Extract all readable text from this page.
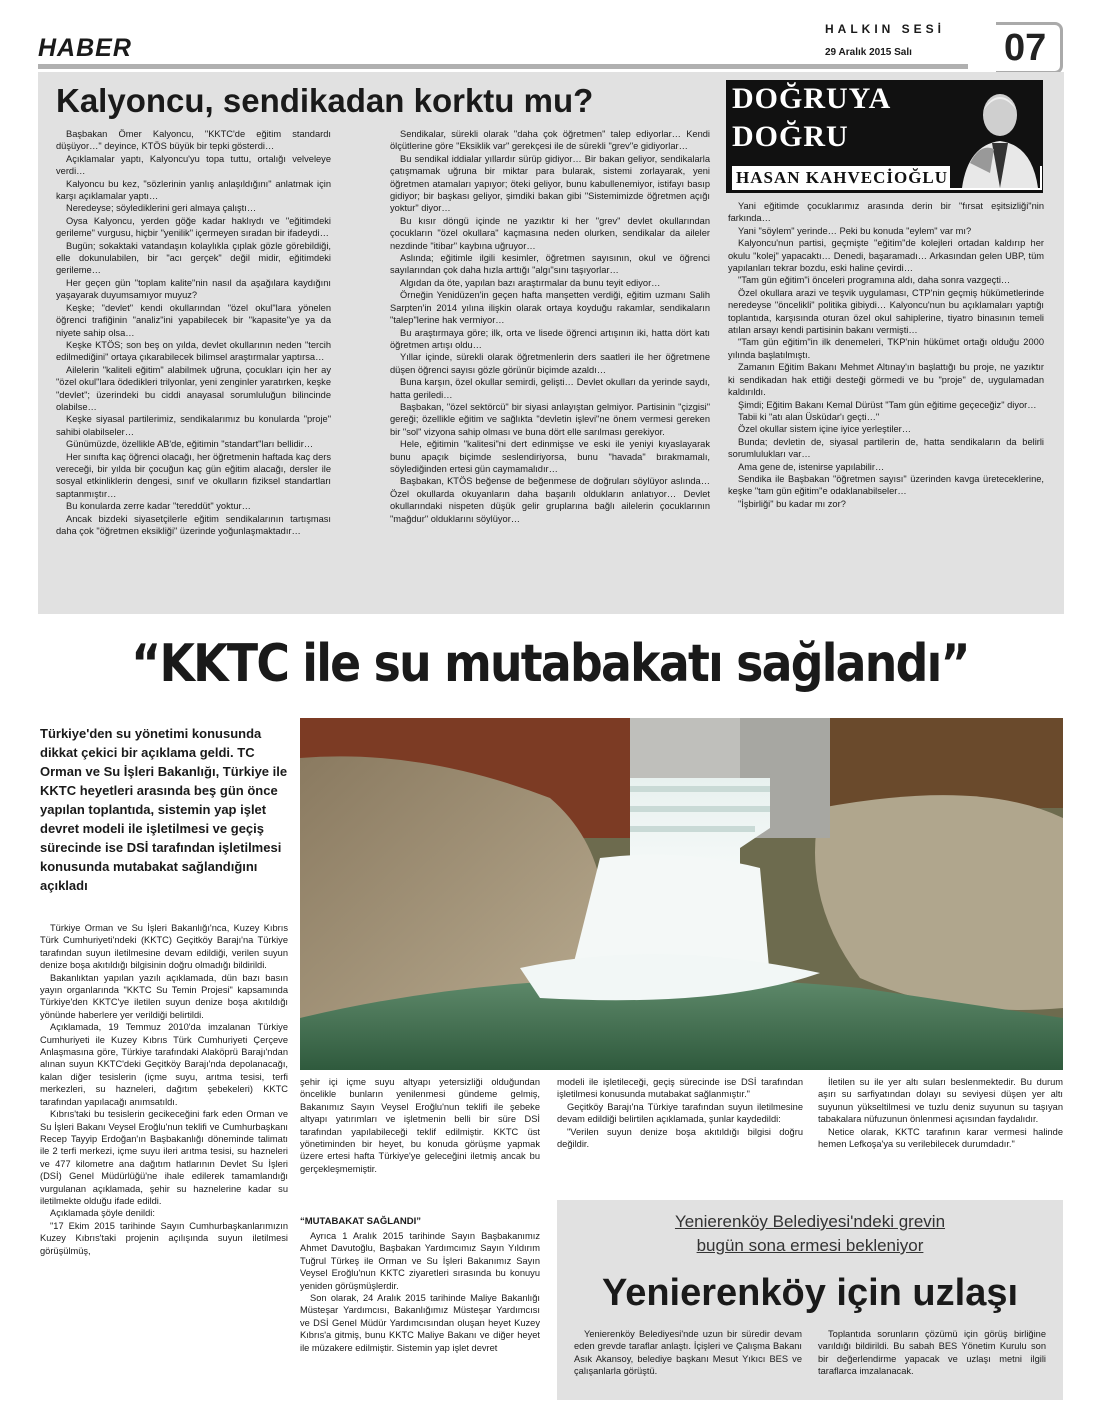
HABER
HALKIN SESİ
29 Aralık 2015 Salı 07
Kalyoncu, sendikadan korktu mu?	DOĞRUYA
DOĞRU
HASAN KAHVECİOĞLU

Başbakan Ömer Kalyoncu, "KKTC'de eğitim standardı düşüyor…" deyince, KTÖS büyük bir tepki gösterdi…

Açıklamalar yaptı, Kalyoncu'yu topa tuttu, ortalığı velveleye verdi…

Kalyoncu bu kez, "sözlerinin yanlış anlaşıldığını" anlatmak için karşı açıklamalar yaptı…

Neredeyse; söylediklerini geri almaya çalıştı…

Oysa Kalyoncu, yerden göğe kadar haklıydı ve "eğitimdeki gerileme" vurgusu, hiçbir "yenilik" içermeyen sıradan bir ifadeydi…

Bugün; sokaktaki vatandaşın kolaylıkla çıplak gözle görebildiği, elle dokunulabilen, bir "acı gerçek" değil midir, eğitimdeki gerileme…

Her geçen gün "toplam kalite"nin nasıl da aşağılara kaydığını yaşayarak duyumsamıyor muyuz?

Keşke; "devlet" kendi okullarından "özel okul"lara yönelen öğrenci trafiğinin "analiz"ini yapabilecek bir "kapasite"ye ya da niyete sahip olsa…

Keşke KTÖS; son beş on yılda, devlet okullarının neden "tercih edilmediğini" ortaya çıkarabilecek bilimsel araştırmalar yaptırsa…

Ailelerin "kaliteli eğitim" alabilmek uğruna, çocukları için her ay "özel okul"lara ödedikleri trilyonlar, yeni zenginler yaratırken, keşke "devlet"; üzerindeki bu ciddi anayasal sorumluluğun bilincinde olabilse…

Keşke siyasal partilerimiz, sendikalarımız bu konularda "proje" sahibi olabilseler…

Günümüzde, özellikle AB'de, eğitimin "standart"ları bellidir…

Her sınıfta kaç öğrenci olacağı, her öğretmenin haftada kaç ders vereceği, bir yılda bir çocuğun kaç gün eğitim alacağı, dersler ile sosyal etkinliklerin dengesi, sınıf ve okulların fiziksel standartları saptanmıştır…

Bu konularda zerre kadar "tereddüt" yoktur…

Ancak bizdeki siyasetçilerle eğitim sendikalarının tartışması daha çok "öğretmen eksikliği" üzerinde yoğunlaşmaktadır…

Sendikalar, sürekli olarak "daha çok öğretmen" talep ediyorlar… Kendi ölçütlerine göre "Eksiklik var" gerekçesi ile de sürekli "grev"e gidiyorlar…

Bu sendikal iddialar yıllardır sürüp gidiyor… Bir bakan geliyor, sendikalarla çatışmamak uğruna bir miktar para bularak, sistemi zorlayarak, yeni öğretmen atamaları yapıyor; öteki geliyor, bunu kabullenemiyor, istifayı basıp gidiyor; bir başkası geliyor, şimdiki bakan gibi "Sistemimizde öğretmen açığı yoktur" diyor…

Bu kısır döngü içinde ne yazıktır ki her "grev" devlet okullarından çocukların "özel okullara" kaçmasına neden olurken, sendikalar da aileler nezdinde "itibar" kaybına uğruyor…

Aslında; eğitimle ilgili kesimler, öğretmen sayısının, okul ve öğrenci sayılarından çok daha hızla arttığı "algı"sını taşıyorlar…

Algıdan da öte, yapılan bazı araştırmalar da bunu teyit ediyor…

Örneğin Yenidüzen'in geçen hafta manşetten verdiği, eğitim uzmanı Salih Sarpten'in 2014 yılına ilişkin olarak ortaya koyduğu rakamlar, sendikaların "talep"lerine hak vermiyor…

Bu araştırmaya göre; ilk, orta ve lisede öğrenci artışının iki, hatta dört katı öğretmen artışı oldu…

Yıllar içinde, sürekli olarak öğretmenlerin ders saatleri ile her öğretmene düşen öğrenci sayısı gözle görünür biçimde azaldı…

Buna karşın, özel okullar semirdi, gelişti… Devlet okulları da yerinde saydı, hatta geriledi…

Başbakan, "özel sektörcü" bir siyasi anlayıştan gelmiyor. Partisinin "çizgisi" gereği; özellikle eğitim ve sağlıkta "devletin işlevi"ne önem vermesi gereken bir "sol" vizyona sahip olması ve buna dört elle sarılması gerekiyor.

Hele, eğitimin "kalitesi"ni dert edinmişse ve eski ile yeniyi kıyaslayarak bunu apaçık biçimde seslendiriyorsa, bunu "havada" bırakmamalı, söylediğinden ertesi gün caymamalıdır…

Başbakan, KTÖS beğense de beğenmese de doğruları söylüyor aslında… Özel okullarda okuyanların daha başarılı oldukların anlatıyor… Devlet okullarındaki nispeten düşük gelir gruplarına bağlı ailelerin çocuklarının "mağdur" olduklarını söylüyor…

Yani eğitimde çocuklarımız arasında derin bir "fırsat eşitsizliği"nin farkında…

Yani "söylem" yerinde… Peki bu konuda "eylem" var mı?

Kalyoncu'nun partisi, geçmişte "eğitim"de kolejleri ortadan kaldırıp her okulu "kolej" yapacaktı… Denedi, başaramadı… Arkasından gelen UBP, tüm yapılanları tekrar bozdu, eski haline çevirdi…

"Tam gün eğitim"i önceleri programına aldı, daha sonra vazgeçti…

Özel okullara arazi ve teşvik uygulaması, CTP'nin geçmiş hükümetlerinde neredeyse "öncelikli" politika gibiydi… Kalyoncu'nun bu açıklamaları yaptığı toplantıda, karşısında oturan özel okul sahiplerine, tiyatro binasının temeli atılan arsayı kendi partisinin bakanı vermişti…

"Tam gün eğitim"in ilk denemeleri, TKP'nin hükümet ortağı olduğu 2000 yılında başlatılmıştı.

Zamanın Eğitim Bakanı Mehmet Altınay'ın başlattığı bu proje, ne yazıktır ki sendikadan hak ettiği desteği görmedi ve bu "proje" de, uygulamadan kaldırıldı.

Şimdi; Eğitim Bakanı Kemal Dürüst "Tam gün eğitime geçeceğiz" diyor…

Tabii ki "atı alan Üsküdar'ı geçti…"

Özel okullar sistem içine iyice yerleştiler…

Bunda; devletin de, siyasal partilerin de, hatta sendikaların da belirli sorumlulukları var…

Ama gene de, istenirse yapılabilir…

Sendika ile Başbakan "öğretmen sayısı" üzerinden kavga üreteceklerine, keşke "tam gün eğitim"e odaklanabilseler…

"İşbirliği" bu kadar mı zor?

“KKTC ile su mutabakatı sağlandı”
Türkiye'den su yönetimi konusunda dikkat çekici bir açıklama geldi. TC Orman ve Su İşleri Bakanlığı, Türkiye ile KKTC heyetleri arasında beş gün önce yapılan toplantıda, sistemin yap işlet devret modeli ile işletilmesi ve geçiş sürecinde ise DSİ tarafından işletilmesi konusunda mutabakat sağlandığını açıkladı

Türkiye Orman ve Su İşleri Bakanlığı'nca, Kuzey Kıbrıs Türk Cumhuriyeti'ndeki (KKTC) Geçitköy Barajı'na Türkiye tarafından suyun iletilmesine devam edildiği, verilen suyun denize boşa akıtıldığı bilgisinin doğru olmadığı bildirildi.

Bakanlıktan yapılan yazılı açıklamada, dün bazı basın yayın organlarında "KKTC Su Temin Projesi" kapsamında Türkiye'den KKTC'ye iletilen suyun denize boşa akıtıldığı yönünde haberlere yer verildiği belirtildi.

Açıklamada, 19 Temmuz 2010'da imzalanan Türkiye Cumhuriyeti ile Kuzey Kıbrıs Türk Cumhuriyeti Çerçeve Anlaşmasına göre, Türkiye tarafındaki Alaköprü Barajı'ndan alınan suyun KKTC'deki Geçitköy Barajı'nda depolanacağı, kalan diğer tesislerin (içme suyu, arıtma tesisi, terfi merkezleri, su hazneleri, dağıtım şebekeleri) KKTC tarafından yapılacağı anımsatıldı.

Kıbrıs'taki bu tesislerin gecikeceğini fark eden Orman ve Su İşleri Bakanı Veysel Eroğlu'nun teklifi ve Cumhurbaşkanı Recep Tayyip Erdoğan'ın Başbakanlığı döneminde talimatı ile 2 terfi merkezi, içme suyu ileri arıtma tesisi, su hazneleri ve 477 kilometre ana dağıtım hatlarının Devlet Su İşleri (DSİ) Genel Müdürlüğü'ne ihale edilerek tamamlandığı vurgulanan açıklamada, şehir su haznelerine kadar su iletilmekte olduğu ifade edildi.

Açıklamada şöyle denildi:

"17 Ekim 2015 tarihinde Sayın Cumhurbaşkanlarımızın Kuzey Kıbrıs'taki projenin açılışında suyun iletilmesi görüşülmüş,

şehir içi içme suyu altyapı yetersizliği olduğundan öncelikle bunların yenilenmesi gündeme gelmiş, Bakanımız Sayın Veysel Eroğlu'nun teklifi ile şebeke altyapı yatırımları ve işletmenin belli bir süre DSİ tarafından yapılabileceği teklif edilmiştir. KKTC üst yönetiminden bir heyet, bu konuda görüşme yapmak üzere ertesi hafta Türkiye'ye geleceğini iletmiş ancak bu gerçekleşmemiştir.

“MUTABAKAT SAĞLANDI”

Ayrıca 1 Aralık 2015 tarihinde Sayın Başbakanımız Ahmet Davutoğlu, Başbakan Yardımcımız Sayın Yıldırım Tuğrul Türkeş ile Orman ve Su İşleri Bakanımız Sayın Veysel Eroğlu'nun KKTC ziyaretleri sırasında bu konuyu yeniden görüşmüşlerdir.

Son olarak, 24 Aralık 2015 tarihinde Maliye Bakanlığı Müsteşar Yardımcısı, Bakanlığımız Müsteşar Yardımcısı ve DSİ Genel Müdür Yardımcısından oluşan heyet Kuzey Kıbrıs'a gitmiş, bunu KKTC Maliye Bakanı ve diğer heyet ile müzakere edilmiştir. Sistemin yap işlet devret

modeli ile işletileceği, geçiş sürecinde ise DSİ tarafından işletilmesi konusunda mutabakat sağlanmıştır."

Geçitköy Barajı'na Türkiye tarafından suyun iletilmesine devam edildiği belirtilen açıklamada, şunlar kaydedildi:

"Verilen suyun denize boşa akıtıldığı bilgisi doğru değildir.

İletilen su ile yer altı suları beslenmektedir. Bu durum aşırı su sarfiyatından dolayı su seviyesi düşen yer altı suyunun yükseltilmesi ve tuzlu deniz suyunun su taşıyan tabakalara nüfuzunun önlenmesi açısından faydalıdır.

Netice olarak, KKTC tarafının karar vermesi halinde hemen Lefkoşa'ya su verilebilecek durumdadır."

Yenierenköy Belediyesi'ndeki grevin
bugün sona ermesi bekleniyor
Yenierenköy için uzlaşı

Yenierenköy Belediyesi'nde uzun bir süredir devam eden grevde taraflar anlaştı. İçişleri ve Çalışma Bakanı Asık Akansoy, belediye başkanı Mesut Yıkıcı BES ve çalışanlarla görüştü.

Toplantıda sorunların çözümü için görüş birliğine varıldığı bildirildi. Bu sabah BES Yönetim Kurulu son bir değerlendirme yapacak ve uzlaşı metni ilgili taraflarca imzalanacak.
